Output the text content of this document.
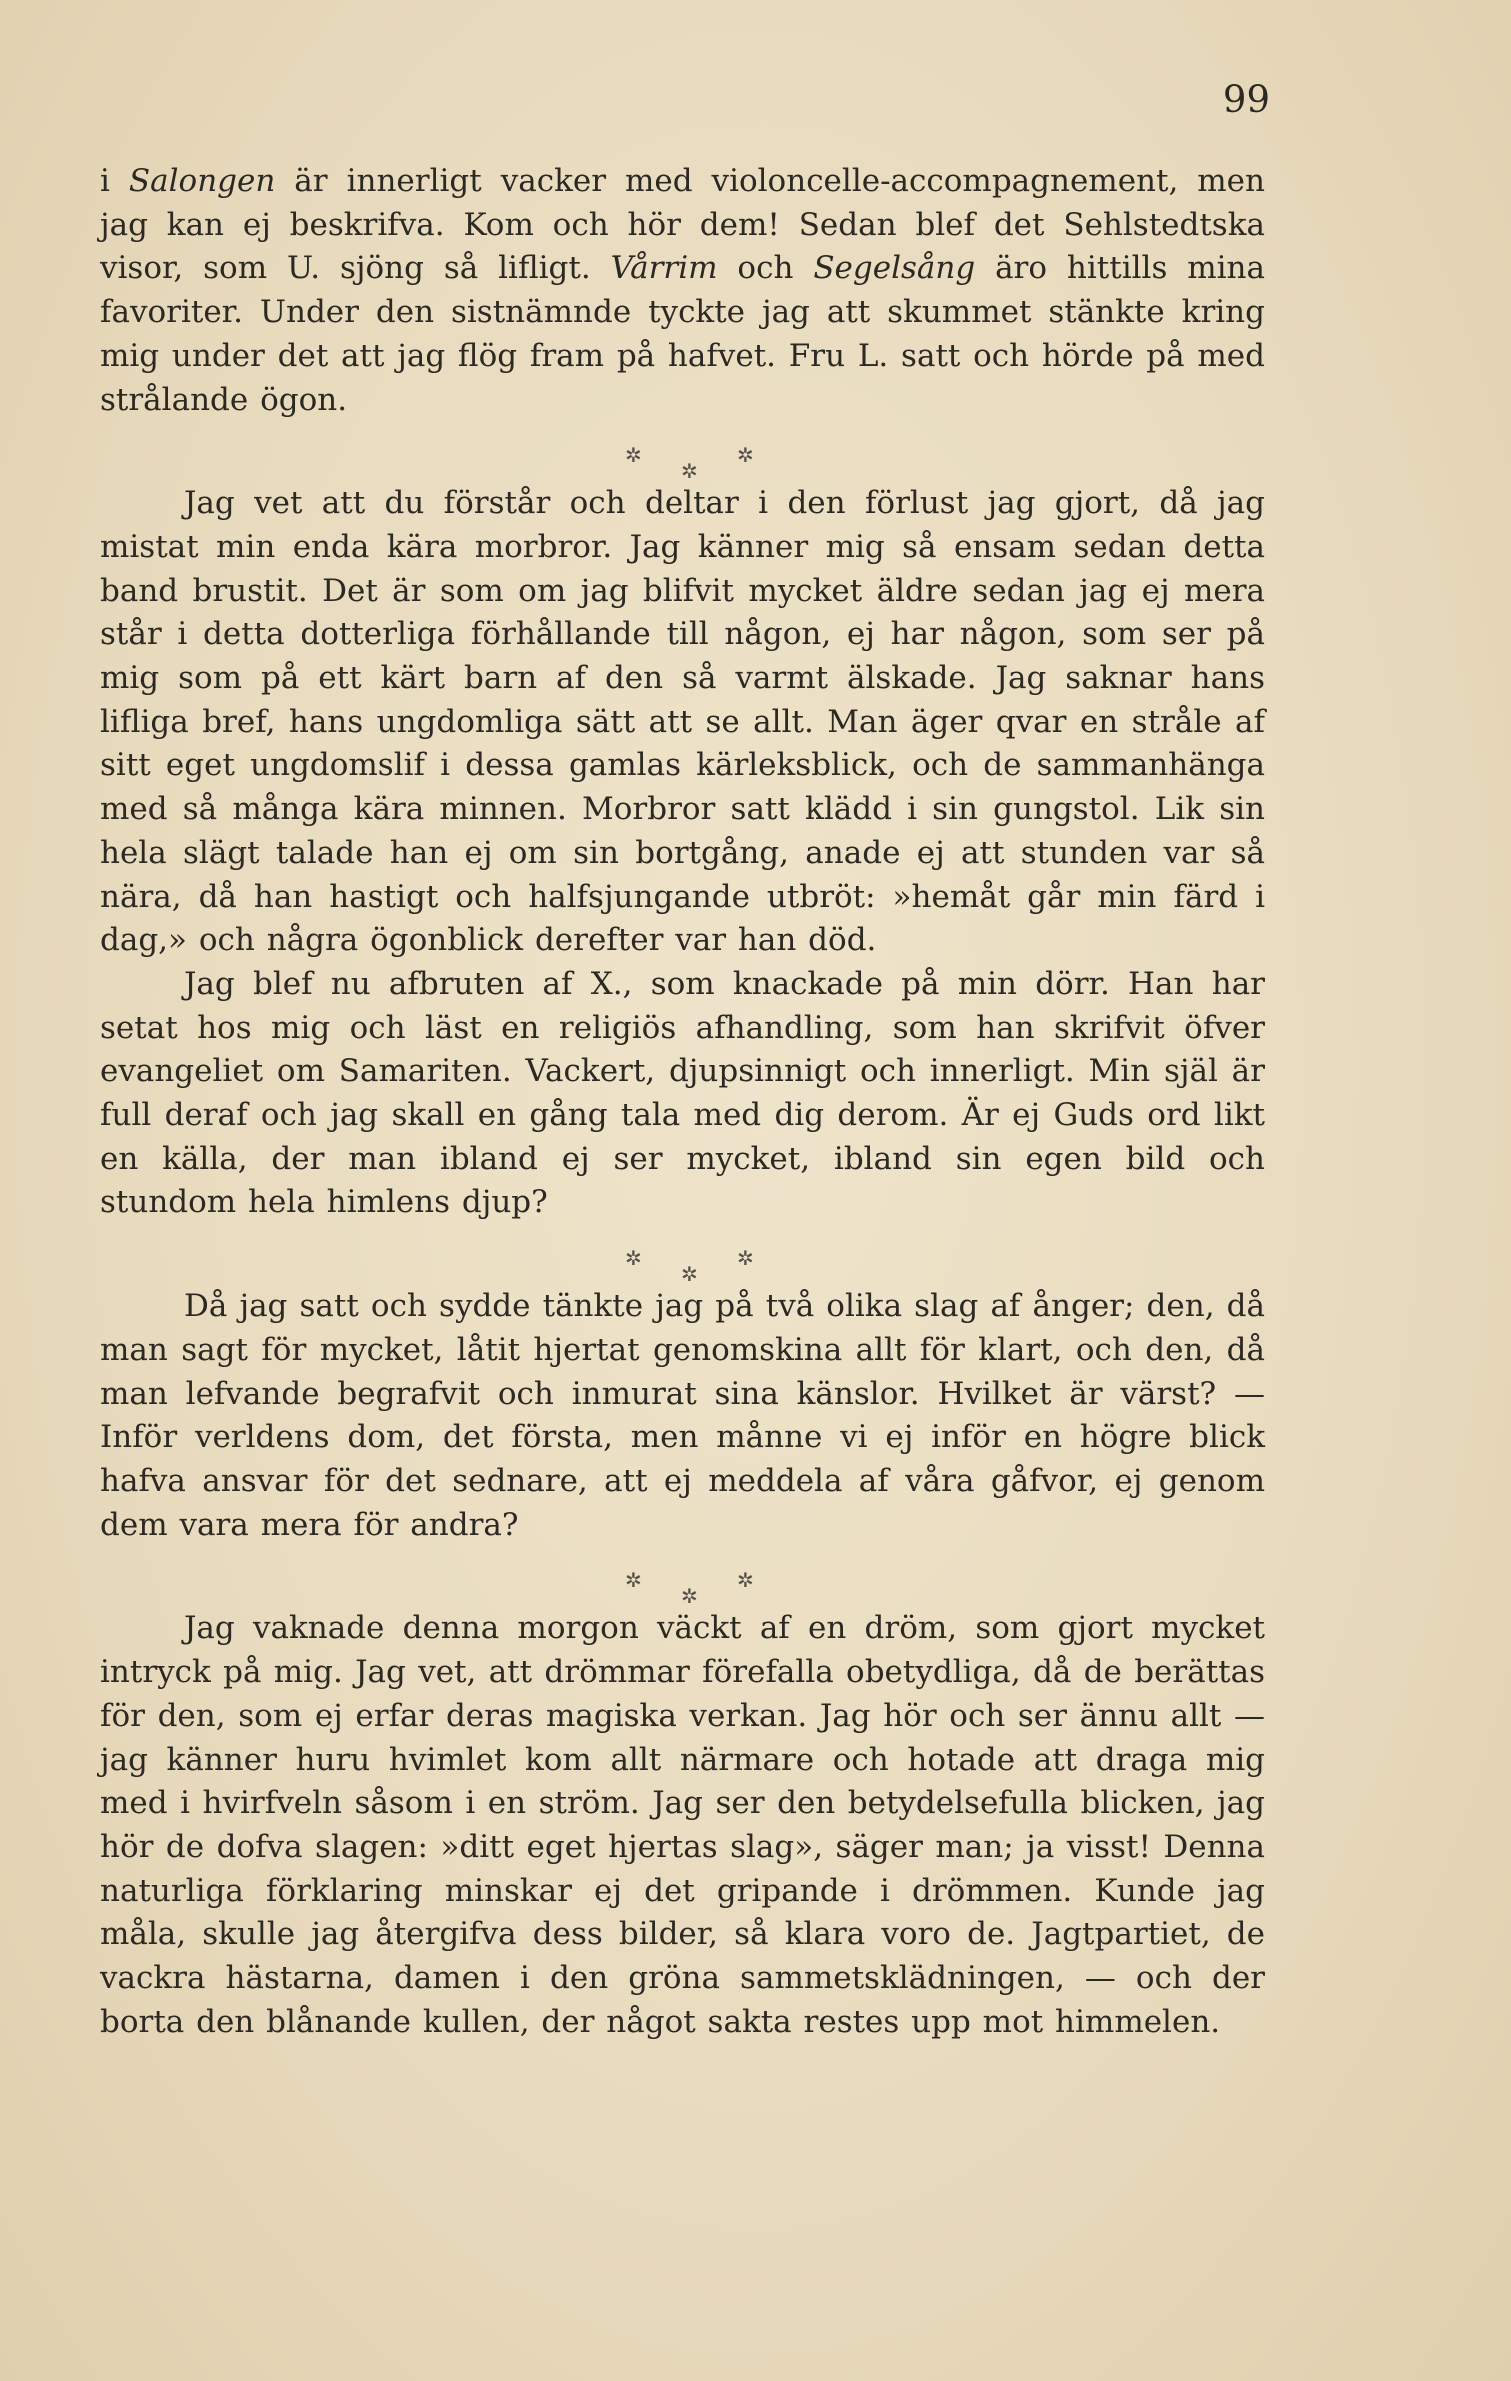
99

i Salongen är innerligt vacker med violoncelle-accompagnement, men jag kan ej beskrifva. Kom och hör dem! Sedan blef det Sehlstedtska visor, som U. sjöng så lifligt. Vårrim och Segelsång äro hittills mina favoriter. Under den sistnämnde tyckte jag att skummet stänkte kring mig under det att jag flög fram på hafvet. Fru L. satt och hörde på med strålande ögon.

✲
✲
✲

Jag vet att du förstår och deltar i den förlust jag gjort, då jag mistat min enda kära morbror. Jag känner mig så ensam sedan detta band brustit. Det är som om jag blifvit mycket äldre sedan jag ej mera står i detta dotterliga förhållande till någon, ej har någon, som ser på mig som på ett kärt barn af den så varmt älskade. Jag saknar hans lifliga bref, hans ungdomliga sätt att se allt. Man äger qvar en stråle af sitt eget ungdomslif i dessa gamlas kärleksblick, och de sammanhänga med så många kära minnen. Morbror satt klädd i sin gungstol. Lik sin hela slägt talade han ej om sin bortgång, anade ej att stunden var så nära, då han hastigt och halfsjungande utbröt: »hemåt går min färd i dag,» och några ögonblick derefter var han död.

Jag blef nu afbruten af X., som knackade på min dörr. Han har setat hos mig och läst en religiös afhandling, som han skrifvit öfver evangeliet om Samariten. Vackert, djupsinnigt och innerligt. Min själ är full deraf och jag skall en gång tala med dig derom. Är ej Guds ord likt en källa, der man ibland ej ser mycket, ibland sin egen bild och stundom hela himlens djup?

✲
✲
✲

Då jag satt och sydde tänkte jag på två olika slag af ånger; den, då man sagt för mycket, låtit hjertat genomskina allt för klart, och den, då man lefvande begrafvit och inmurat sina känslor. Hvilket är värst? — Inför verldens dom, det första, men månne vi ej inför en högre blick hafva ansvar för det sednare, att ej meddela af våra gåfvor, ej genom dem vara mera för andra?

✲
✲
✲

Jag vaknade denna morgon väckt af en dröm, som gjort mycket intryck på mig. Jag vet, att drömmar förefalla obetydliga, då de berättas för den, som ej erfar deras magiska verkan. Jag hör och ser ännu allt — jag känner huru hvimlet kom allt närmare och hotade att draga mig med i hvirfveln såsom i en ström. Jag ser den betydelsefulla blicken, jag hör de dofva slagen: »ditt eget hjertas slag», säger man; ja visst! Denna naturliga förklaring minskar ej det gripande i drömmen. Kunde jag måla, skulle jag återgifva dess bilder, så klara voro de. Jagtpartiet, de vackra hästarna, damen i den gröna sammetsklädningen, — och der borta den blånande kullen, der något sakta restes upp mot himmelen.
